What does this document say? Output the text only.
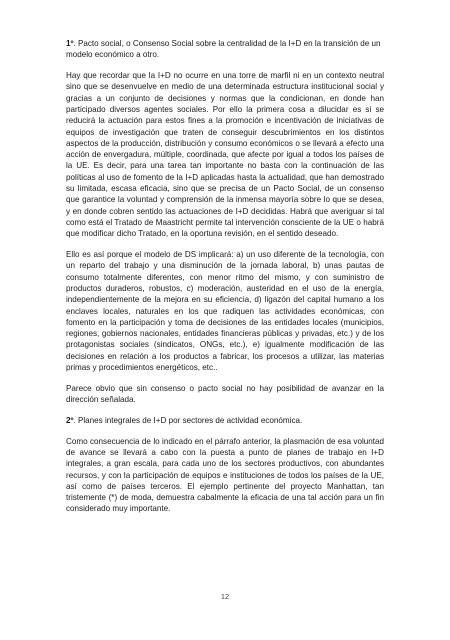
1º. Pacto social, o Consenso Social sobre la centralidad de la I+D en la transición de un modelo económico a otro.

Hay que recordar que la I+D no ocurre en una torre de marfil ni en un contexto neutral sino que se desenvuelve en medio de una determinada estructura institucional social y gracias a un conjunto de decisiones y normas que la condicionan, en donde han participado diversos agentes sociales. Por ello la primera cosa a dilucidar es si se reducirá la actuación para estos fines a la promoción e incentivación de iniciativas de equipos de investigación que traten de conseguir descubrimientos en los distintos aspectos de la producción, distribución y consumo económicos o se llevará a efecto una acción de envergadura, múltiple, coordinada, que afecte por igual a todos los países de la UE. Es decir, para una tarea tan importante no basta con la continuación de las políticas al uso de fomento de la I+D aplicadas hasta la actualidad, que han demostrado su limitada, escasa eficacia, sino que se precisa de un Pacto Social, de un consenso que garantice la voluntad y comprensión de la inmensa mayoría sobre lo que se desea, y en donde cobren sentido las actuaciones de I+D decididas. Habrá que averiguar si tal como está el Tratado de Maastricht permite tal intervención consciente de la UE o habrá que modificar dicho Tratado, en la oportuna revisión, en el sentido deseado.

Ello es así porque el modelo de DS implicará: a) un uso diferente de la tecnología, con un reparto del trabajo y una disminución de la jornada laboral, b) unas pautas de consumo totalmente diferentes, con menor ritmo del mismo, y con suministro de productos duraderos, robustos, c) moderación, austeridad en el uso de la energía, independientemente de la mejora en su eficiencia, d) ligazón del capital humano a los enclaves locales, naturales en los que radiquen las actividades económicas, con fomento en la participación y toma de decisiones de las entidades locales (municipios, regiones, gobiernos nacionales, entidades financieras públicas y privadas, etc.) y de los protagonistas sociales (sindicatos, ONGs, etc.), e) igualmente modificación de las decisiones en relación a los productos a fabricar, los procesos a utilizar, las materias primas y procedimientos energéticos, etc..

Parece obvio que sin consenso o pacto social no hay posibilidad de avanzar en la dirección señalada.

2º. Planes integrales de I+D por sectores de actividad económica.

Como consecuencia de lo indicado en el párrafo anterior, la plasmación de esa voluntad de avance se llevará a cabo con la puesta a punto de planes de trabajo en I+D integrales, a gran escala, para cada uno de los sectores productivos, con abundantes recursos, y con la participación de equipos e instituciones de todos los países de la UE, así como de países terceros. El ejemplo pertinente del proyecto Manhattan, tan tristemente (*) de moda, demuestra cabalmente la eficacia de una tal acción para un fin considerado muy importante.

12
